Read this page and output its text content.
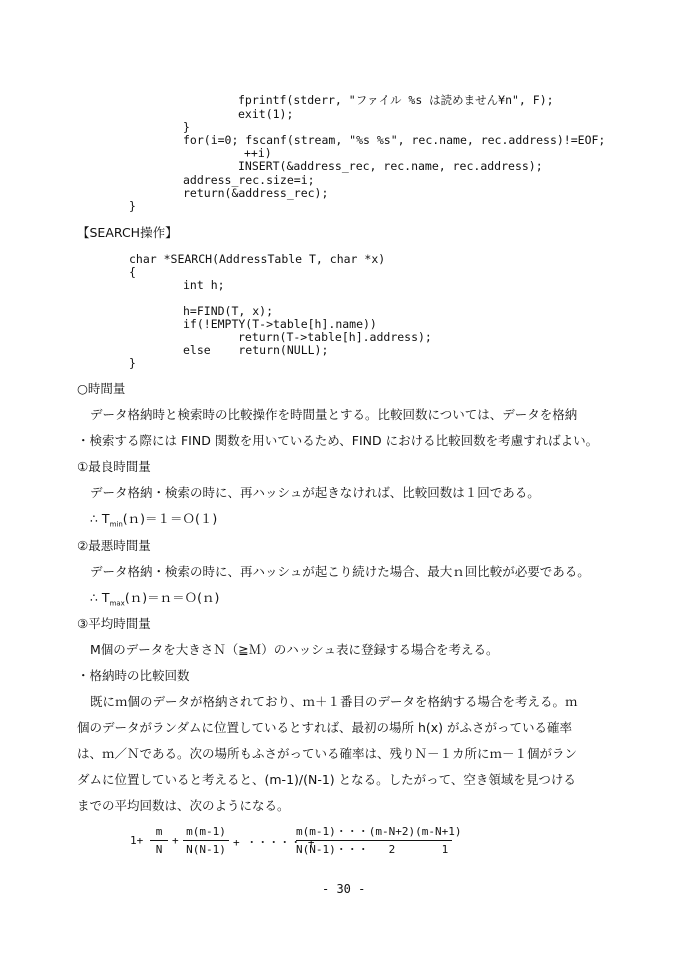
fprintf(stderr, "ファイル %s は読めません¥n", F);
exit(1);
}
for(i=0; fscanf(stream, "%s %s", rec.name, rec.address)!=EOF;
++i)
INSERT(&address_rec, rec.name, rec.address);
address_rec.size=i;
return(&address_rec);
}
【SEARCH操作】
char *SEARCH(AddressTable T, char *x)
{
int h;
h=FIND(T, x);
if(!EMPTY(T->table[h].name))
return(T->table[h].address);
else    return(NULL);
}
○時間量
データ格納時と検索時の比較操作を時間量とする。比較回数については、データを格納
・検索する際には FIND 関数を用いているため、FIND における比較回数を考慮すればよい。
①最良時間量
データ格納・検索の時に、再ハッシュが起きなければ、比較回数は１回である。
∴ $T_{min}(n)=1=O(1)$
②最悪時間量
データ格納・検索の時に、再ハッシュが起こり続けた場合、最大ｎ回比較が必要である。
∴ $T_{max}(n)=n=O(n)$
③平均時間量
M個のデータを大きさＮ（≧Ｍ）のハッシュ表に登録する場合を考える。
・格納時の比較回数
既にｍ個のデータが格納されており、ｍ＋１番目のデータを格納する場合を考える。ｍ
個のデータがランダムに位置しているとすれば、最初の場所 h(x) がふさがっている確率
は、ｍ／Ｎである。次の場所もふさがっている確率は、残りＮ－１カ所にｍ－１個がラン
ダムに位置していると考えると、(m-1)/(N-1) となる。したがって、空き領域を見つける
までの平均回数は、次のようになる。
$1+ \frac{m}{N} + \frac{m(m-1)}{N(N-1)}$ + ・・・・・ +
$\frac{m(m-1)・・・(m-N+2)(m-N+1)}{N(N-1)・・・ 2 1}$
- 30 -
